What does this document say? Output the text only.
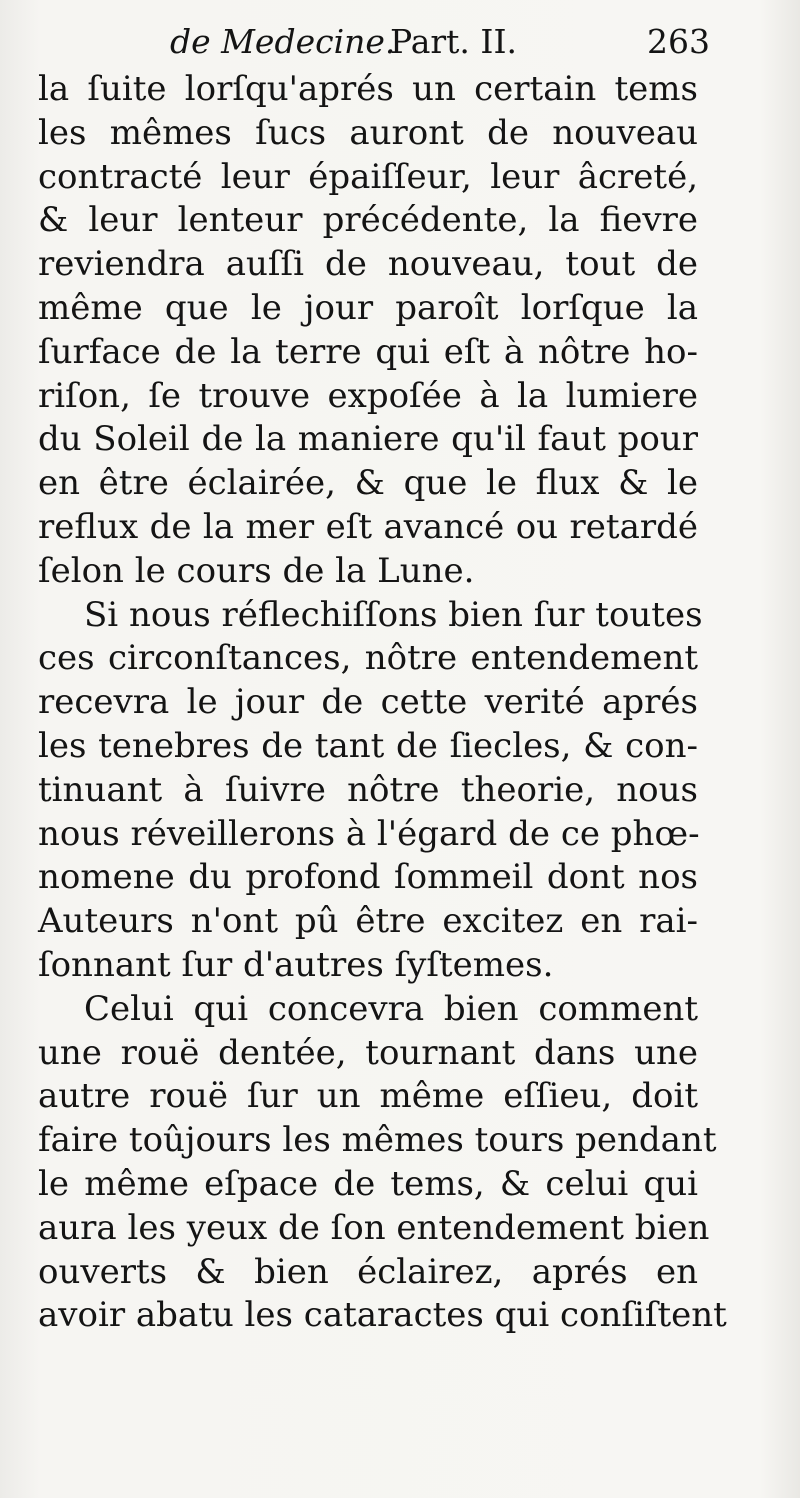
de Medecine.
Part. II.	263
la ſuite lorſqu'aprés un certain tems
les mêmes ſucs auront de nouveau
contracté leur épaiſſeur, leur âcreté,
& leur lenteur précédente, la fievre
reviendra auſſi de nouveau, tout de
même que le jour paroît lorſque la
ſurface de la terre qui eſt à nôtre ho-
riſon, ſe trouve expoſée à la lumiere
du Soleil de la maniere qu'il faut pour
en être éclairée, & que le flux & le
reflux de la mer eſt avancé ou retardé
ſelon le cours de la Lune.
Si nous réflechiſſons bien ſur toutes
ces circonſtances, nôtre entendement
recevra le jour de cette verité aprés
les tenebres de tant de ſiecles, & con-
tinuant à ſuivre nôtre theorie, nous
nous réveillerons à l'égard de ce phœ-
nomene du profond ſommeil dont nos
Auteurs n'ont pû être excitez en rai-
ſonnant ſur d'autres ſyſtemes.
Celui qui concevra bien comment
une rouë dentée, tournant dans une
autre rouë ſur un même eſſieu, doit
faire toûjours les mêmes tours pendant
le même eſpace de tems, & celui qui
aura les yeux de ſon entendement bien
ouverts & bien éclairez, aprés en
avoir abatu les cataractes qui conſiſtent
